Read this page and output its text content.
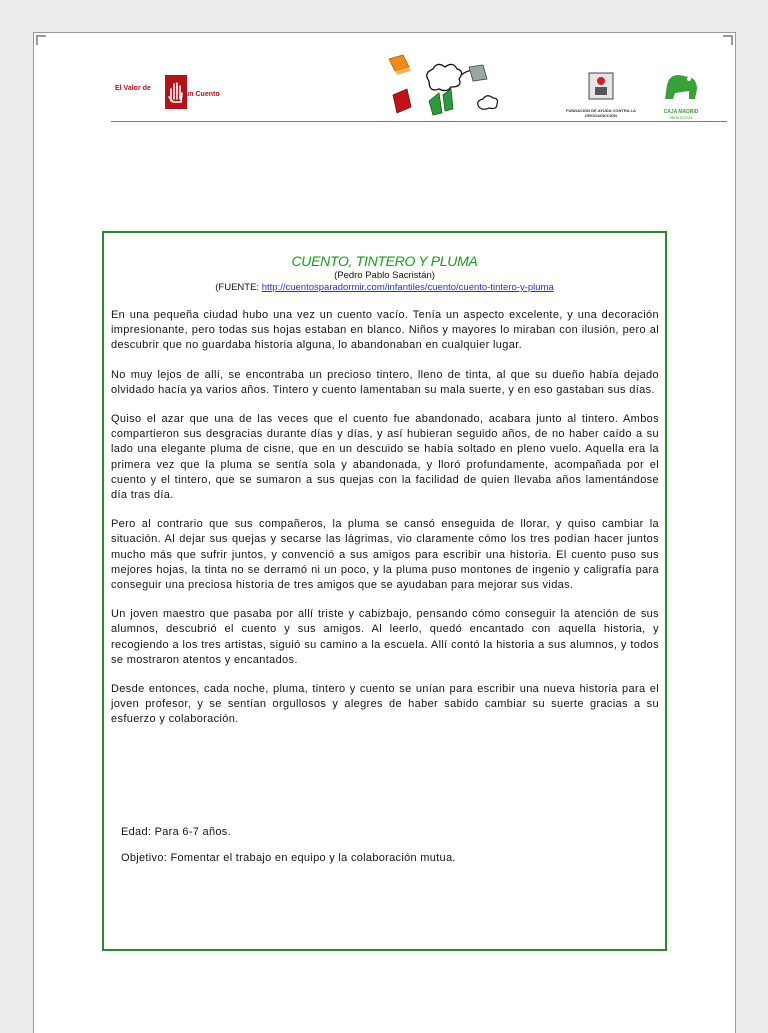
El Valor de
un Cuento
FUNDACIÓN DE AYUDA CONTRA LA DROGADICCIÓN
CAJA MADRID
OBRA SOCIAL
CUENTO, TINTERO Y PLUMA
(Pedro Pablo Sacristán)
(FUENTE: http://cuentosparadormir.com/infantiles/cuento/cuento-tintero-y-pluma

En una pequeña ciudad hubo una vez un cuento vacío. Tenía un aspecto excelente, y una decoración impresionante, pero todas sus hojas estaban en blanco. Niños y mayores lo miraban con ilusión, pero al descubrir que no guardaba historia alguna, lo abandonaban en cualquier lugar.

No muy lejos de allí, se encontraba un precioso tintero, lleno de tinta, al que su dueño había dejado olvidado hacía ya varios años. Tintero y cuento lamentaban su mala suerte, y en eso gastaban sus días.

Quiso el azar que una de las veces que el cuento fue abandonado, acabara junto al tintero. Ambos compartieron sus desgracias durante días y días, y así hubieran seguido años, de no haber caído a su lado una elegante pluma de cisne, que en un descuido se había soltado en pleno vuelo. Aquella era la primera vez que la pluma se sentía sola y abandonada, y lloró profundamente, acompañada por el cuento y el tintero, que se sumaron a sus quejas con la facilidad de quien llevaba años lamentándose día tras día.

Pero al contrario que sus compañeros, la pluma se cansó enseguida de llorar, y quiso cambiar la situación. Al dejar sus quejas y secarse las lágrimas, vio claramente cómo los tres podían hacer juntos mucho más que sufrir juntos, y convenció a sus amigos para escribir una historia. El cuento puso sus mejores hojas, la tinta no se derramó ni un poco, y la pluma puso montones de ingenio y caligrafía para conseguir una preciosa historia de tres amigos que se ayudaban para mejorar sus vidas.

Un joven maestro que pasaba por allí triste y cabizbajo, pensando cómo conseguir la atención de sus alumnos, descubrió el cuento y sus amigos. Al leerlo, quedó encantado con aquella historia, y recogiendo a los tres artistas, siguió su camino a la escuela. Allí contó la historia a sus alumnos, y todos se mostraron atentos y encantados.

Desde entonces, cada noche, pluma, tintero y cuento se unían para escribir una nueva historia para el joven profesor, y se sentían orgullosos y alegres de haber sabido cambiar su suerte gracias a su esfuerzo y colaboración.

Edad: Para 6-7 años.

Objetivo: Fomentar el trabajo en equipo y la colaboración mutua.
